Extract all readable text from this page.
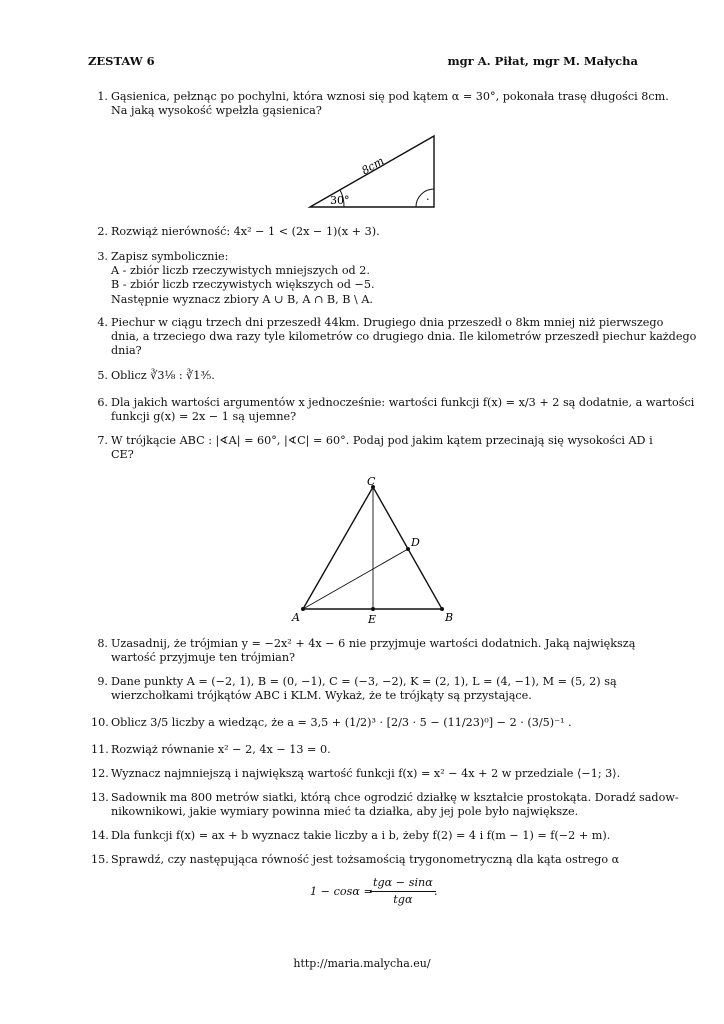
ZESTAW 6	mgr A. Piłat, mgr M. Małycha
1. Gąsienica, pełznąc po pochylni, która wznosi się pod kątem α = 30°, pokonała trasę długości 8cm.
Na jaką wysokość wpełzła gąsienica?
·
30°
8cm
2. Rozwiąż nierówność: 4x² − 1 < (2x − 1)(x + 3).
3. Zapisz symbolicznie:
A - zbiór liczb rzeczywistych mniejszych od 2.
B - zbiór liczb rzeczywistych większych od −5.
Następnie wyznacz zbiory A ∪ B, A ∩ B, B \ A.
4. Piechur w ciągu trzech dni przeszedł 44km. Drugiego dnia przeszedł o 8km mniej niż pierwszego
dnia, a trzeciego dwa razy tyle kilometrów co drugiego dnia. Ile kilometrów przeszedł piechur każdego
dnia?
5. Oblicz ∛3⅛ : ∛1³⁄₅.
6. Dla jakich wartości argumentów x jednocześnie: wartości funkcji f(x) = x/3 + 2 są dodatnie, a wartości
funkcji g(x) = 2x − 1 są ujemne?
7. W trójkącie ABC : |∢A| = 60°, |∢C| = 60°. Podaj pod jakim kątem przecinają się wysokości AD i
CE?
C
A	B
D
E
8. Uzasadnij, że trójmian y = −2x² + 4x − 6 nie przyjmuje wartości dodatnich. Jaką największą
wartość przyjmuje ten trójmian?
9. Dane punkty A = (−2, 1), B = (0, −1), C = (−3, −2), K = (2, 1), L = (4, −1), M = (5, 2) są
wierzchołkami trójkątów ABC i KLM. Wykaż, że te trójkąty są przystające.
10. Oblicz 3/5 liczby a wiedząc, że a = 3,5 + (1/2)³ · [2/3 · 5 − (11/23)⁰] − 2 · (3/5)⁻¹ .
11. Rozwiąż równanie x² − 2, 4x − 13 = 0.
12. Wyznacz najmniejszą i największą wartość funkcji f(x) = x² − 4x + 2 w przedziale ⟨−1; 3⟩.
13. Sadownik ma 800 metrów siatki, którą chce ogrodzić działkę w kształcie prostokąta. Doradź sadow-
nikownikowi, jakie wymiary powinna mieć ta działka, aby jej pole było największe.
14. Dla funkcji f(x) = ax + b wyznacz takie liczby a i b, żeby f(2) = 4 i f(m − 1) = f(−2 + m).
15. Sprawdź, czy następująca równość jest tożsamością trygonometryczną dla kąta ostrego α
1 − cosα =
tgα − sinα
tgα
.
http://maria.malycha.eu/
